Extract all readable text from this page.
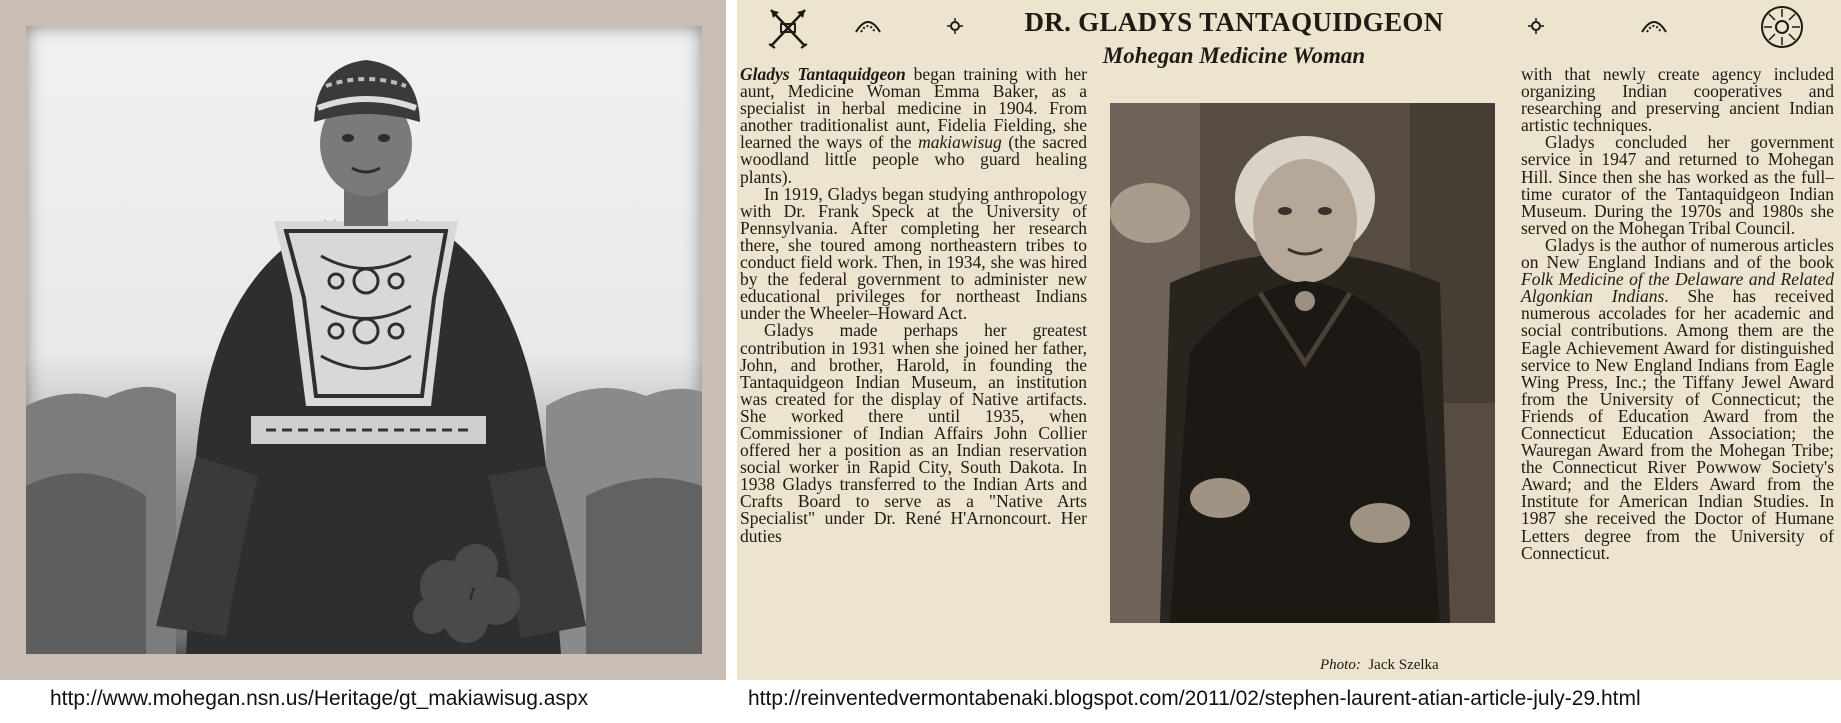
DR. GLADYS TANTAQUIDGEON
Mohegan Medicine Woman

Gladys Tantaquidgeon began training with her aunt, Medicine Woman Emma Baker, as a specialist in herbal medicine in 1904. From another traditionalist aunt, Fidelia Fielding, she learned the ways of the makiawisug (the sacred woodland little people who guard healing plants).

In 1919, Gladys began studying anthropology with Dr. Frank Speck at the University of Pennsylvania. After completing her research there, she toured among northeastern tribes to conduct field work. Then, in 1934, she was hired by the federal government to administer new educational privileges for northeast Indians under the Wheeler–Howard Act.

Gladys made perhaps her greatest contribution in 1931 when she joined her father, John, and brother, Harold, in founding the Tantaquidgeon Indian Museum, an institution was created for the display of Native artifacts. She worked there until 1935, when Commissioner of Indian Affairs John Collier offered her a position as an Indian reservation social worker in Rapid City, South Dakota. In 1938 Gladys transferred to the Indian Arts and Crafts Board to serve as a "Native Arts Specialist" under Dr. René H'Arnoncourt. Her duties

Photo: Jack Szelka

with that newly create agency included organizing Indian cooperatives and researching and preserving ancient Indian artistic techniques.

Gladys concluded her government service in 1947 and returned to Mohegan Hill. Since then she has worked as the full–time curator of the Tantaquidgeon Indian Museum. During the 1970s and 1980s she served on the Mohegan Tribal Council.

Gladys is the author of numerous articles on New England Indians and of the book Folk Medicine of the Delaware and Related Algonkian Indians. She has received numerous accolades for her academic and social contributions. Among them are the Eagle Achievement Award for distinguished service to New England Indians from Eagle Wing Press, Inc.; the Tiffany Jewel Award from the University of Connecticut; the Friends of Education Award from the Connecticut Education Association; the Wauregan Award from the Mohegan Tribe; the Connecticut River Powwow Society's Award; and the Elders Award from the Institute for American Indian Studies. In 1987 she received the Doctor of Humane Letters degree from the University of Connecticut.

http://www.mohegan.nsn.us/Heritage/gt_makiawisug.aspx	http://reinventedvermontabenaki.blogspot.com/2011/02/stephen-laurent-atian-article-july-29.html
